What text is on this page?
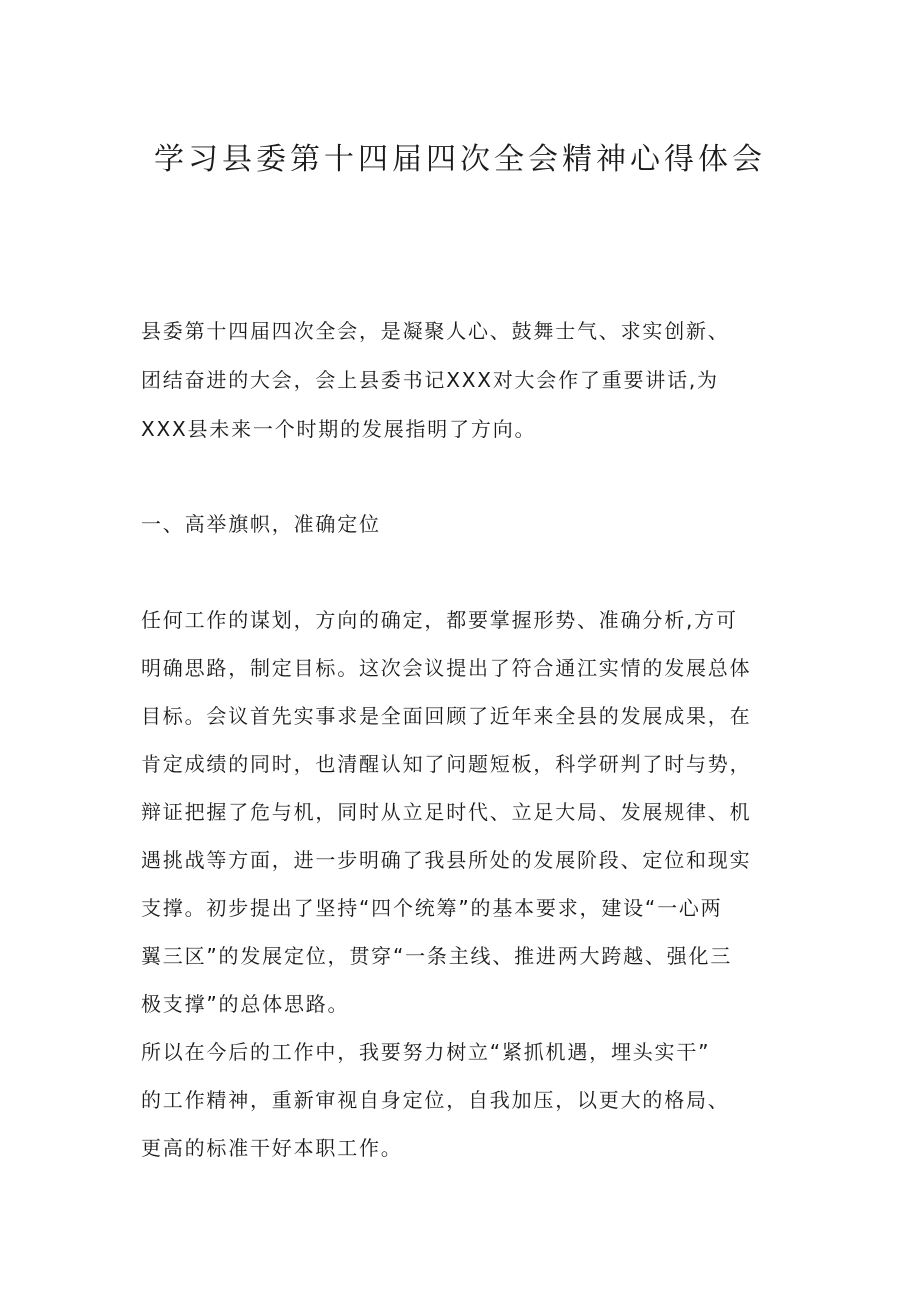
学习县委第十四届四次全会精神心得体会
县委第十四届四次全会，是凝聚人心、鼓舞士气、求实创新、
团结奋进的大会，会上县委书记XXX对大会作了重要讲话,为
XXX县未来一个时期的发展指明了方向。
一、高举旗帜，准确定位
任何工作的谋划，方向的确定，都要掌握形势、准确分析,方可
明确思路，制定目标。这次会议提出了符合通江实情的发展总体
目标。会议首先实事求是全面回顾了近年来全县的发展成果，在
肯定成绩的同时，也清醒认知了问题短板，科学研判了时与势，
辩证把握了危与机，同时从立足时代、立足大局、发展规律、机
遇挑战等方面，进一步明确了我县所处的发展阶段、定位和现实
支撑。初步提出了坚持“四个统筹”的基本要求，建设“一心两
翼三区”的发展定位，贯穿“一条主线、推进两大跨越、强化三
极支撑”的总体思路。
所以在今后的工作中，我要努力树立“紧抓机遇，埋头实干”
的工作精神，重新审视自身定位，自我加压，以更大的格局、
更高的标准干好本职工作。
